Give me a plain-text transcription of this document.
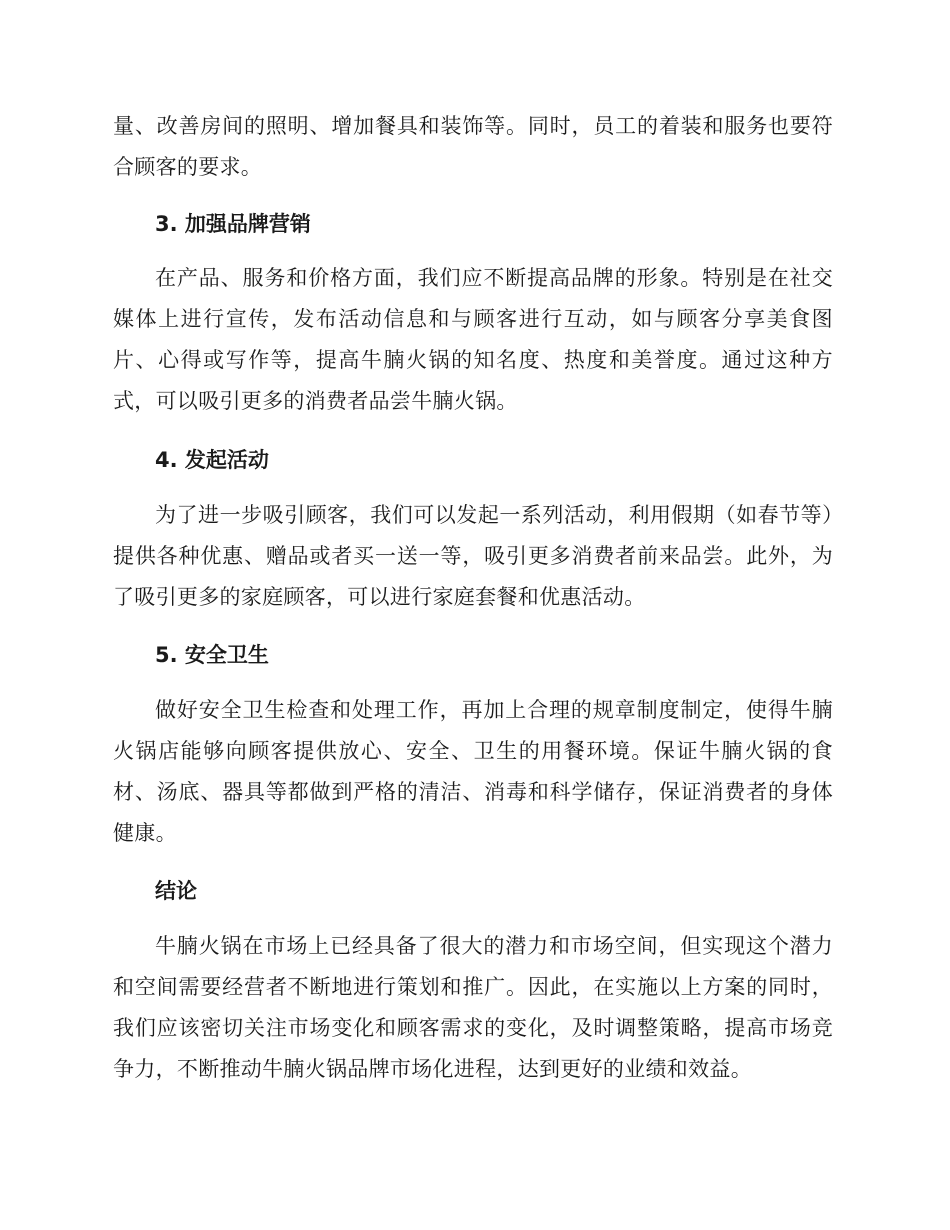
量、改善房间的照明、增加餐具和装饰等。同时，员工的着装和服务也要符合顾客的要求。

3. 加强品牌营销

在产品、服务和价格方面，我们应不断提高品牌的形象。特别是在社交媒体上进行宣传，发布活动信息和与顾客进行互动，如与顾客分享美食图片、心得或写作等，提高牛腩火锅的知名度、热度和美誉度。通过这种方式，可以吸引更多的消费者品尝牛腩火锅。

4. 发起活动

为了进一步吸引顾客，我们可以发起一系列活动，利用假期（如春节等）提供各种优惠、赠品或者买一送一等，吸引更多消费者前来品尝。此外，为了吸引更多的家庭顾客，可以进行家庭套餐和优惠活动。

5. 安全卫生

做好安全卫生检查和处理工作，再加上合理的规章制度制定，使得牛腩火锅店能够向顾客提供放心、安全、卫生的用餐环境。保证牛腩火锅的食材、汤底、器具等都做到严格的清洁、消毒和科学储存，保证消费者的身体健康。

结论

牛腩火锅在市场上已经具备了很大的潜力和市场空间，但实现这个潜力和空间需要经营者不断地进行策划和推广。因此，在实施以上方案的同时，我们应该密切关注市场变化和顾客需求的变化，及时调整策略，提高市场竞争力，不断推动牛腩火锅品牌市场化进程，达到更好的业绩和效益。
